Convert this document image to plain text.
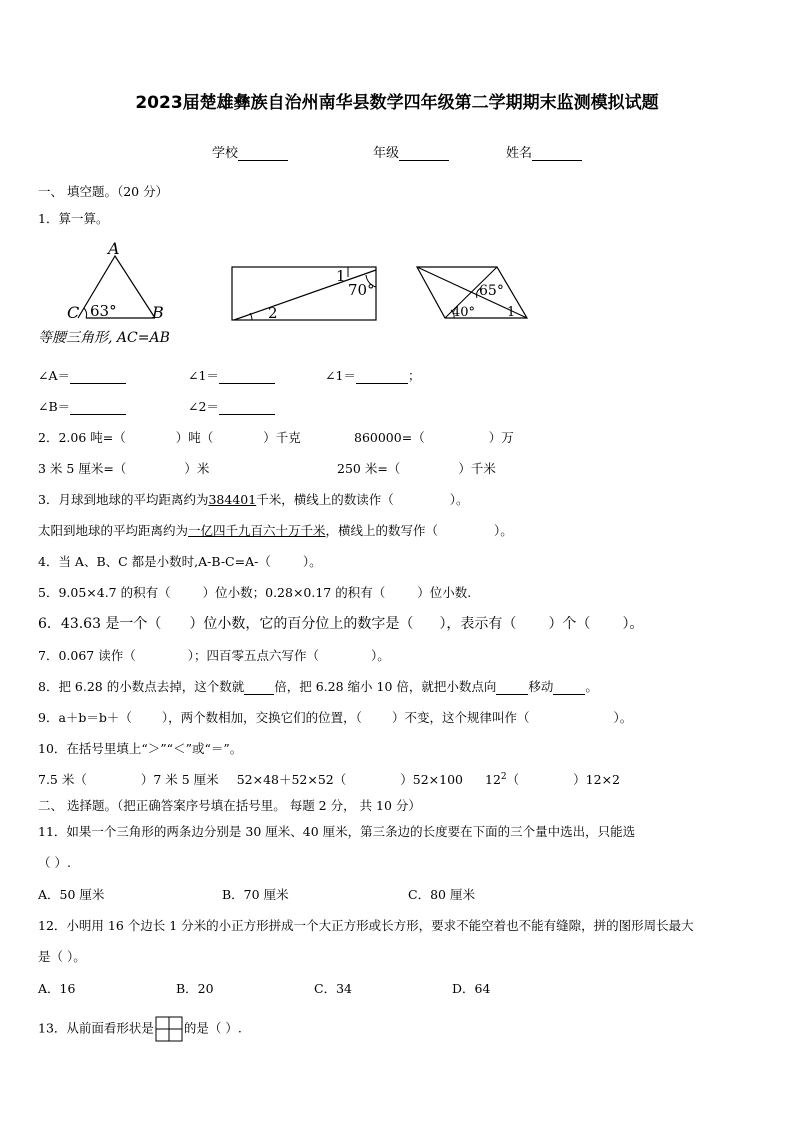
2023届楚雄彝族自治州南华县数学四年级第二学期期末监测模拟试题
学校	年级	姓名
一、 填空题。（20 分）
1．算一算。
A
C	B
63°
等腰三角形, AC=AB
1
70°
2
65°
40° 1
∠A＝	∠1＝	∠1＝	；
∠B＝	∠2＝
2．2.06 吨=（	）吨（	）千克	860000=（	）万
3 米 5 厘米=（	）米	250 米=（	）千米
3．月球到地球的平均距离约为384401千米，横线上的数读作（	）。
太阳到地球的平均距离约为一亿四千九百六十万千米，横线上的数写作（	）。
4．当 A、B、C 都是小数时,A-B-C=A-（	）。
5．9.05×4.7 的积有（	）位小数；0.28×0.17 的积有（	）位小数.
6．43.63 是一个（ ）位小数，它的百分位上的数字是（ ），表示有（ ）个（ ）。
7．0.067 读作（	）；四百零五点六写作（	）。
8．把 6.28 的小数点去掉，这个数就 倍，把 6.28 缩小 10 倍，就把小数点向	移动	。
9．a＋b＝b＋（ ），两个数相加，交换它们的位置，（ ）不变，这个规律叫作（	）。
10．在括号里填上“＞”“＜”或“＝”。
7.5 米（	）7 米 5 厘米 52×48＋52×52（	）52×100 $12^2$（	）12×2
二、 选择题。（把正确答案序号填在括号里。 每题 2 分， 共 10 分）
11．如果一个三角形的两条边分别是 30 厘米、40 厘米，第三条边的长度要在下面的三个量中选出，只能选
（ ）.
A．50 厘米	B．70 厘米	C．80 厘米
12．小明用 16 个边长 1 分米的小正方形拼成一个大正方形或长方形，要求不能空着也不能有缝隙，拼的图形周长最大
是（ ）。
A．16	B．20	C．34	D．64
13．从前面看形状是 的是（ ）.
